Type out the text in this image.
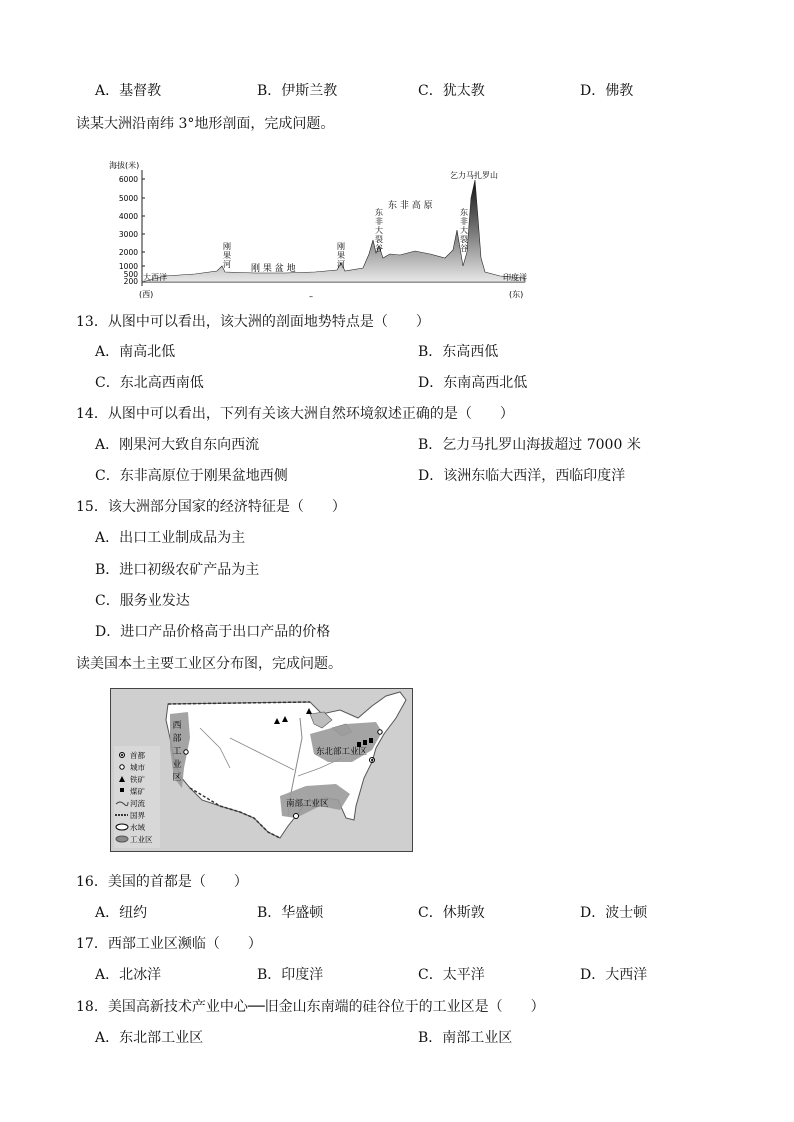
A．基督教	B．伊斯兰教	C．犹太教	D．佛教
读某大洲沿南纬 3°地形剖面，完成问题。
海拔(米)
6000
5000
4000
3000
2000
1000
500
200 大西洋	印度洋
(西)	(东)
–
刚
果
河
刚
果
河
东
非
大
裂
谷
东
非
大
裂
谷
刚 果 盆 地
东 非 高 原
乞力马扎罗山
13．从图中可以看出，该大洲的剖面地势特点是（　　）
A．南高北低	B．东高西低
C．东北高西南低	D．东南高西北低
14．从图中可以看出，下列有关该大洲自然环境叙述正确的是（　　）
A．刚果河大致自东向西流	B．乞力马扎罗山海拔超过 7000 米
C．东非高原位于刚果盆地西侧	D．该洲东临大西洋，西临印度洋
15．该大洲部分国家的经济特征是（　　）
A．出口工业制成品为主
B．进口初级农矿产品为主
C．服务业发达
D．进口产品价格高于出口产品的价格
读美国本土主要工业区分布图，完成问题。
西
部
工
业
区
东北部工业区
南部工业区
首都
城市
铁矿
煤矿
河流
国界
水域
工业区
16．美国的首都是（　　）
A．纽约	B．华盛顿	C．休斯敦	D．波士顿
17．西部工业区濒临（　　）
A．北冰洋	B．印度洋	C．太平洋	D．大西洋
18．美国高新技术产业中心──旧金山东南端的硅谷位于的工业区是（　　）
A．东北部工业区	B．南部工业区
